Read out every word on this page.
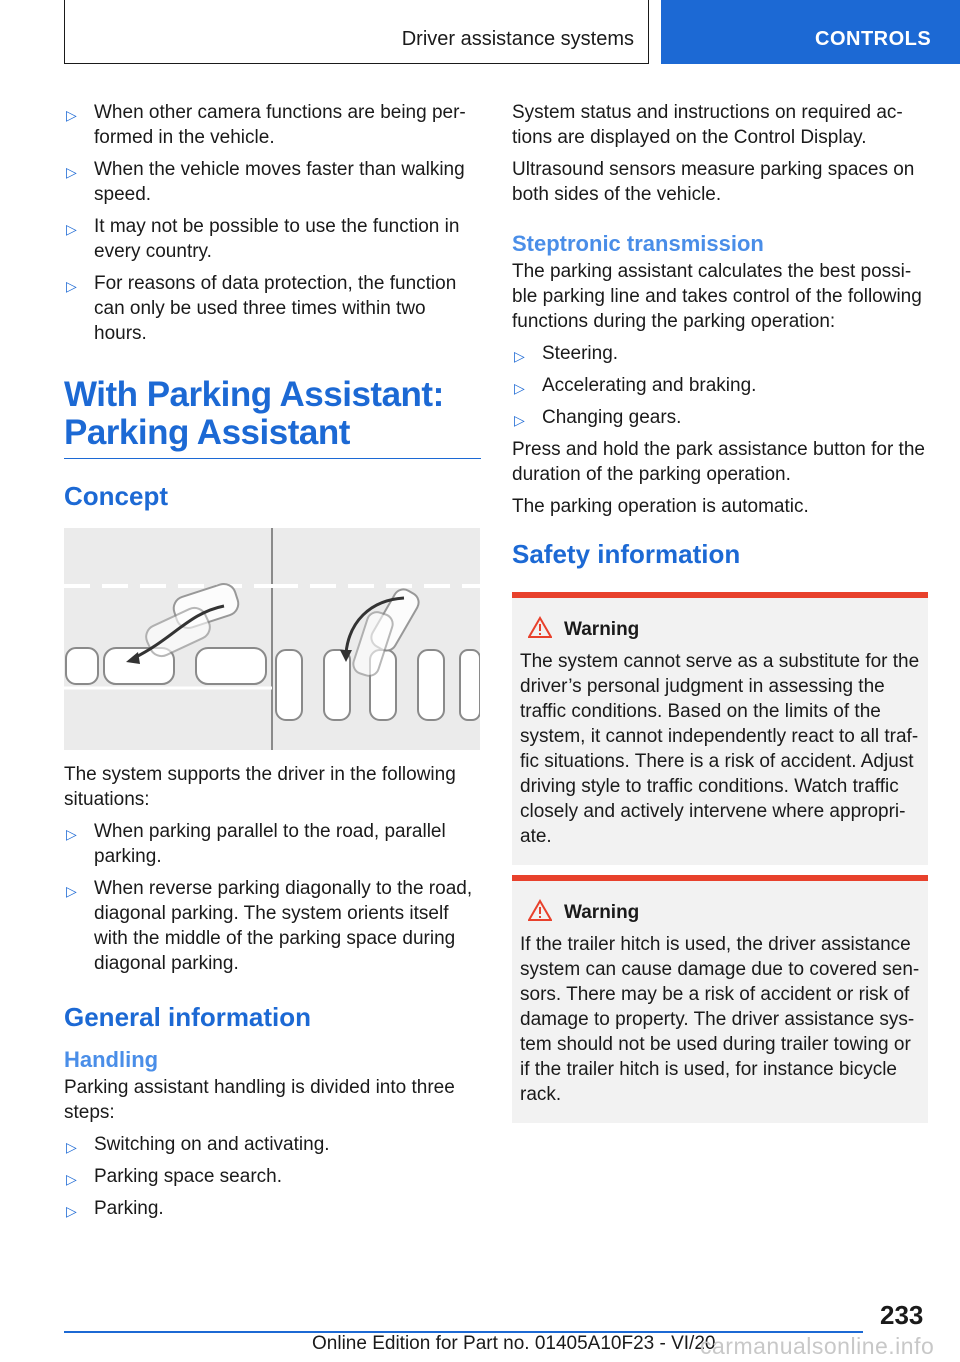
Driver assistance systems	CONTROLS
▷ When other camera functions are being per-formed in the vehicle.
▷ When the vehicle moves faster than walking speed.
▷ It may not be possible to use the function in every country.
▷ For reasons of data protection, the function can only be used three times within two hours.
With Parking Assistant: Parking Assistant
Concept

The system supports the driver in the following situations:

▷ When parking parallel to the road, parallel parking.
▷ When reverse parking diagonally to the road, diagonal parking. The system orients itself with the middle of the parking space during diagonal parking.
General information
Handling

Parking assistant handling is divided into three steps:

▷ Switching on and activating.
▷ Parking space search.
▷ Parking.

System status and instructions on required ac-tions are displayed on the Control Display.

Ultrasound sensors measure parking spaces on both sides of the vehicle.

Steptronic transmission

The parking assistant calculates the best possi-ble parking line and takes control of the following functions during the parking operation:

▷ Steering.
▷ Accelerating and braking.
▷ Changing gears.

Press and hold the park assistance button for the duration of the parking operation.

The parking operation is automatic.

Safety information
Warning

The system cannot serve as a substitute for the driver’s personal judgment in assessing the traffic conditions. Based on the limits of the system, it cannot independently react to all traf-fic situations. There is a risk of accident. Adjust driving style to traffic conditions. Watch traffic closely and actively intervene where appropri-ate.

Warning

If the trailer hitch is used, the driver assistance system can cause damage due to covered sen-sors. There may be a risk of accident or risk of damage to property. The driver assistance sys-tem should not be used during trailer towing or if the trailer hitch is used, for instance bicycle rack.

233
Online Edition for Part no. 01405A10F23 - VI/20
carmanualsonline.info
